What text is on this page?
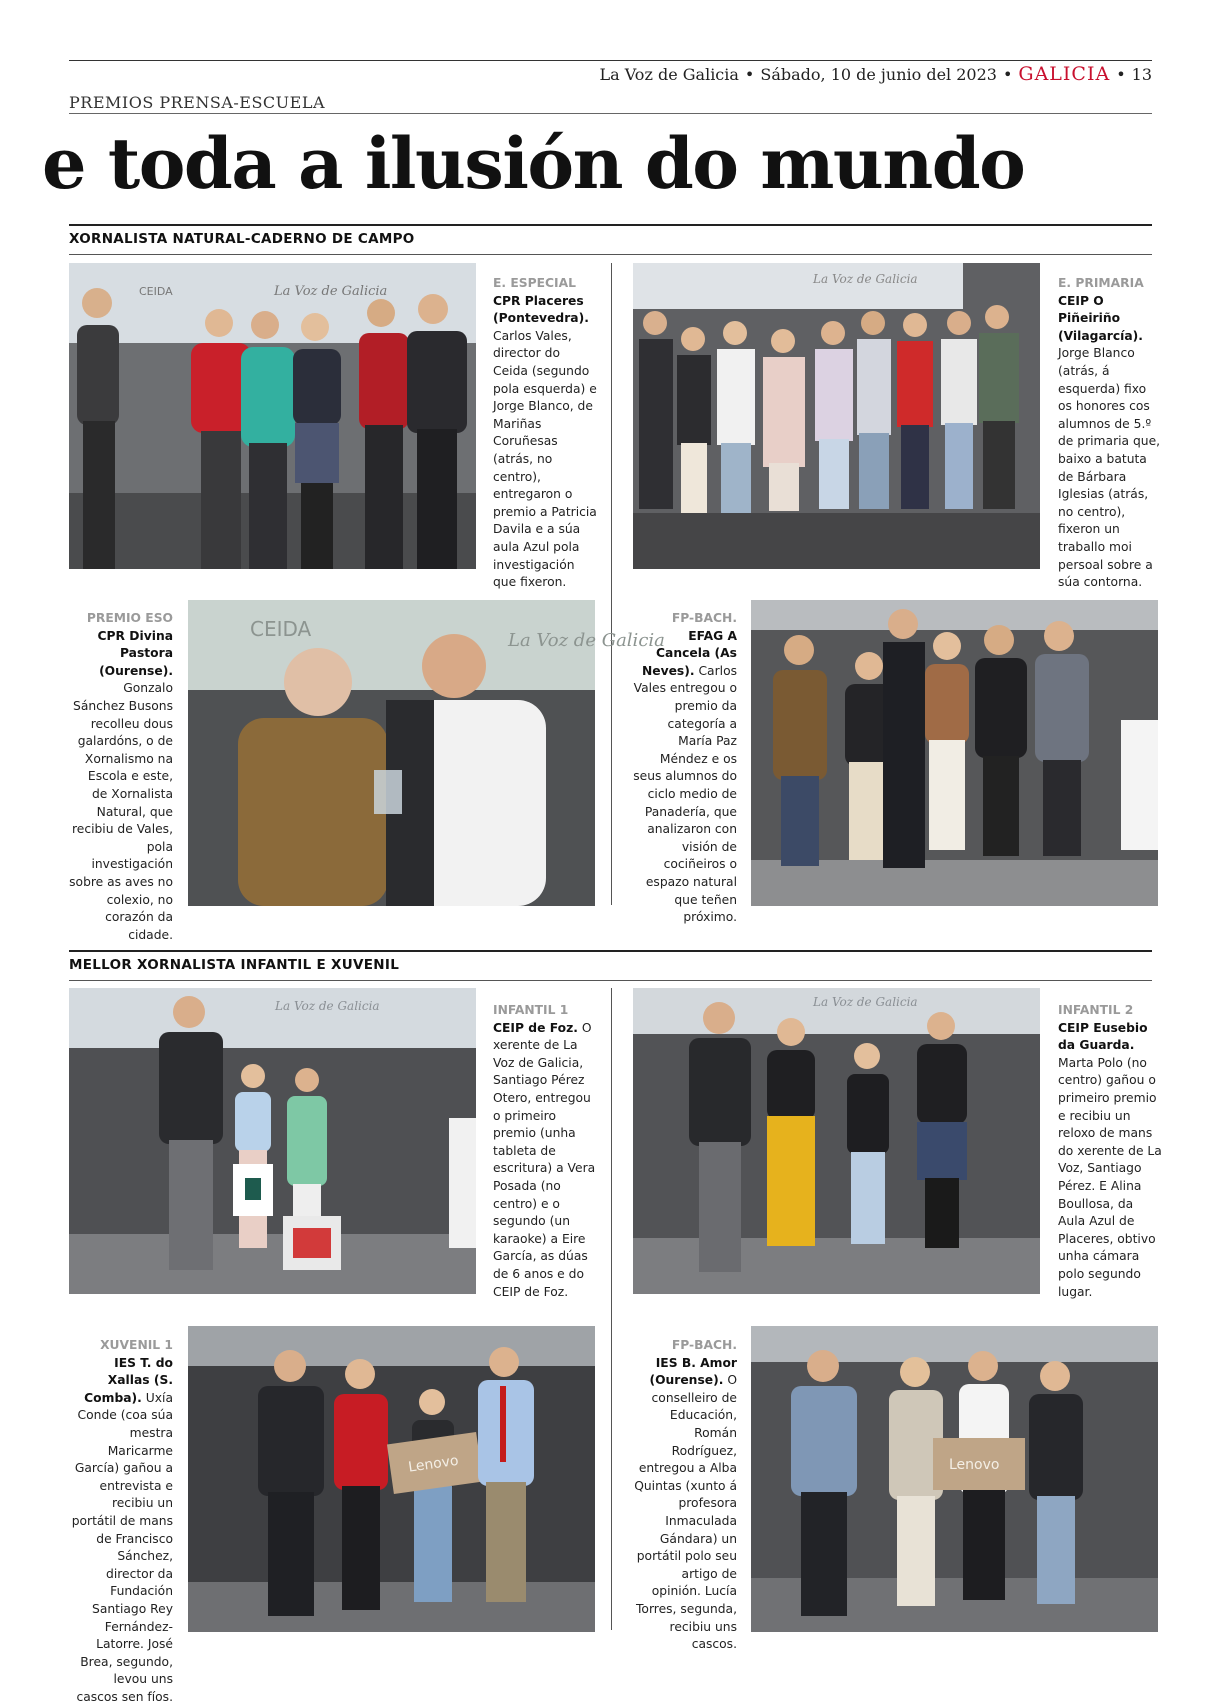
La Voz de Galicia • Sábado, 10 de junio del 2023 • GALICIA • 13
PREMIOS PRENSA-ESCUELA
e toda a ilusión do mundo
XORNALISTA NATURAL-CADERNO DE CAMPO
CEIDA	La Voz de Galicia

E. ESPECIAL
CPR Placeres (Pontevedra). Carlos Vales, director do Ceida (segundo pola esquerda) e Jorge Blanco, de Mariñas Coruñesas (atrás, no centro), entregaron o premio a Patricia Davila e a súa aula Azul pola investigación que fixeron.

La Voz de Galicia	E. PRIMARIA
CEIP O Piñeiriño (Vilagarcía). Jorge Blanco (atrás, á esquerda) fixo os honores cos alumnos de 5.º de primaria que, baixo a batuta de Bárbara Iglesias (atrás, no centro), fixeron un traballo moi persoal sobre a súa contorna.

PREMIO ESO
CPR Divina Pastora (Ourense). Gonzalo Sánchez Busons recolleu dous galardóns, o de Xornalismo na Escola e este, de Xornalista Natural, que recibiu de Vales, pola investigación sobre as aves no colexio, no corazón da cidade.

CEIDA	La Voz de Galicia

FP-BACH.
EFAG A Cancela (As Neves). Carlos Vales entregou o premio da categoría a María Paz Méndez e os seus alumnos do ciclo medio de Panadería, que analizaron con visión de cociñeiros o espazo natural que teñen próximo.

MELLOR XORNALISTA INFANTIL E XUVENIL
La Voz de Galicia	INFANTIL 1
CEIP de Foz. O xerente de La Voz de Galicia, Santiago Pérez Otero, entregou o primeiro premio (unha tableta de escritura) a Vera Posada (no centro) e o segundo (un karaoke) a Eire García, as dúas de 6 anos e do CEIP de Foz.

La Voz de Galicia

INFANTIL 2
CEIP Eusebio da Guarda. Marta Polo (no centro) gañou o primeiro premio e recibiu un reloxo de mans do xerente de La Voz, Santiago Pérez. E Alina Boullosa, da Aula Azul de Placeres, obtivo unha cámara polo segundo lugar.

XUVENIL 1
IES T. do Xallas (S. Comba). Uxía Conde (coa súa mestra Maricarme García) gañou a entrevista e recibiu un portátil de mans de Francisco Sánchez, director da Fundación Santiago Rey Fernández-Latorre. José Brea, segundo, levou uns cascos sen fíos.

Lenovo

FP-BACH.
IES B. Amor (Ourense). O conselleiro de Educación, Román Rodríguez, entregou a Alba Quintas (xunto á profesora Inmaculada Gándara) un portátil polo seu artigo de opinión. Lucía Torres, segunda, recibiu uns cascos.

Lenovo
